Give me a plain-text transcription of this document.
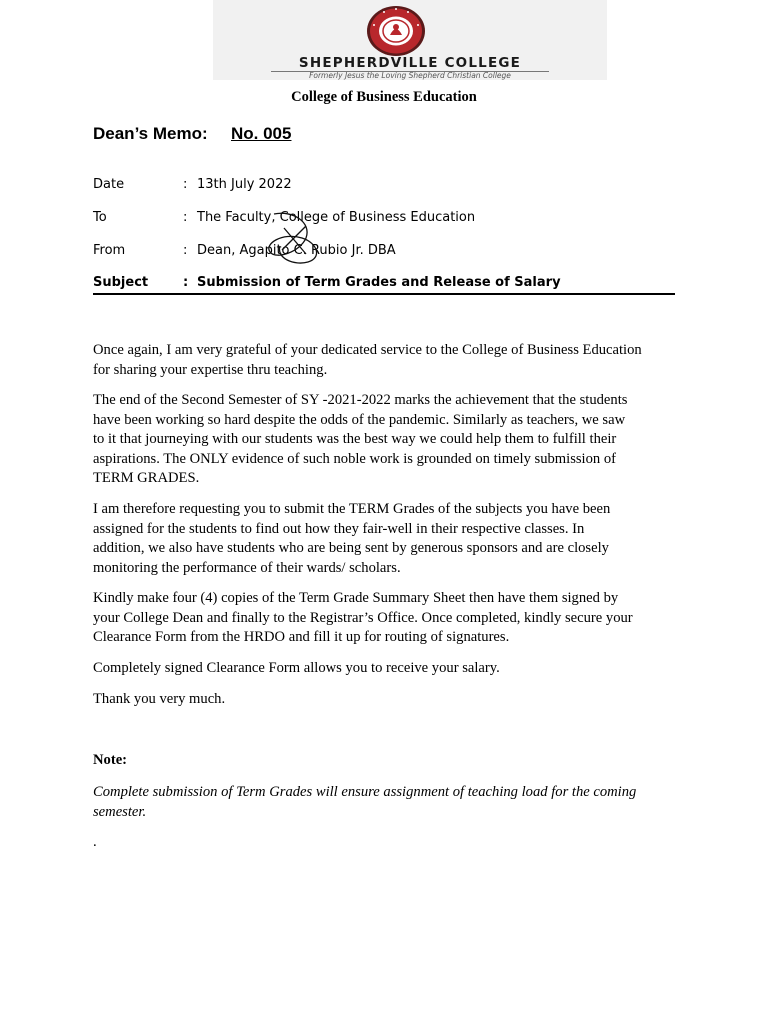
SHEPHERDVILLE COLLEGE
Formerly Jesus the Loving Shepherd Christian College
College of Business Education
Dean’s Memo: No. 005
Date	: 13th July 2022
To	: The Faculty, College of Business Education
From	: Dean, Agapito C. Rubio Jr. DBA
Subject	: Submission of Term Grades and Release of Salary
Once again, I am very grateful of your dedicated service to the College of Business Education
for sharing your expertise thru teaching.
The end of the Second Semester of SY -2021-2022 marks the achievement that the students
have been working so hard despite the odds of the pandemic. Similarly as teachers, we saw
to it that journeying with our students was the best way we could help them to fulfill their
aspirations. The ONLY evidence of such noble work is grounded on timely submission of
TERM GRADES.
I am therefore requesting you to submit the TERM Grades of the subjects you have been
assigned for the students to find out how they fair-well in their respective classes. In
addition, we also have students who are being sent by generous sponsors and are closely
monitoring the performance of their wards/ scholars.
Kindly make four (4) copies of the Term Grade Summary Sheet then have them signed by
your College Dean and finally to the Registrar’s Office. Once completed, kindly secure your
Clearance Form from the HRDO and fill it up for routing of signatures.
Completely signed Clearance Form allows you to receive your salary.
Thank you very much.
Note:
Complete submission of Term Grades will ensure assignment of teaching load for the coming
semester.
.
